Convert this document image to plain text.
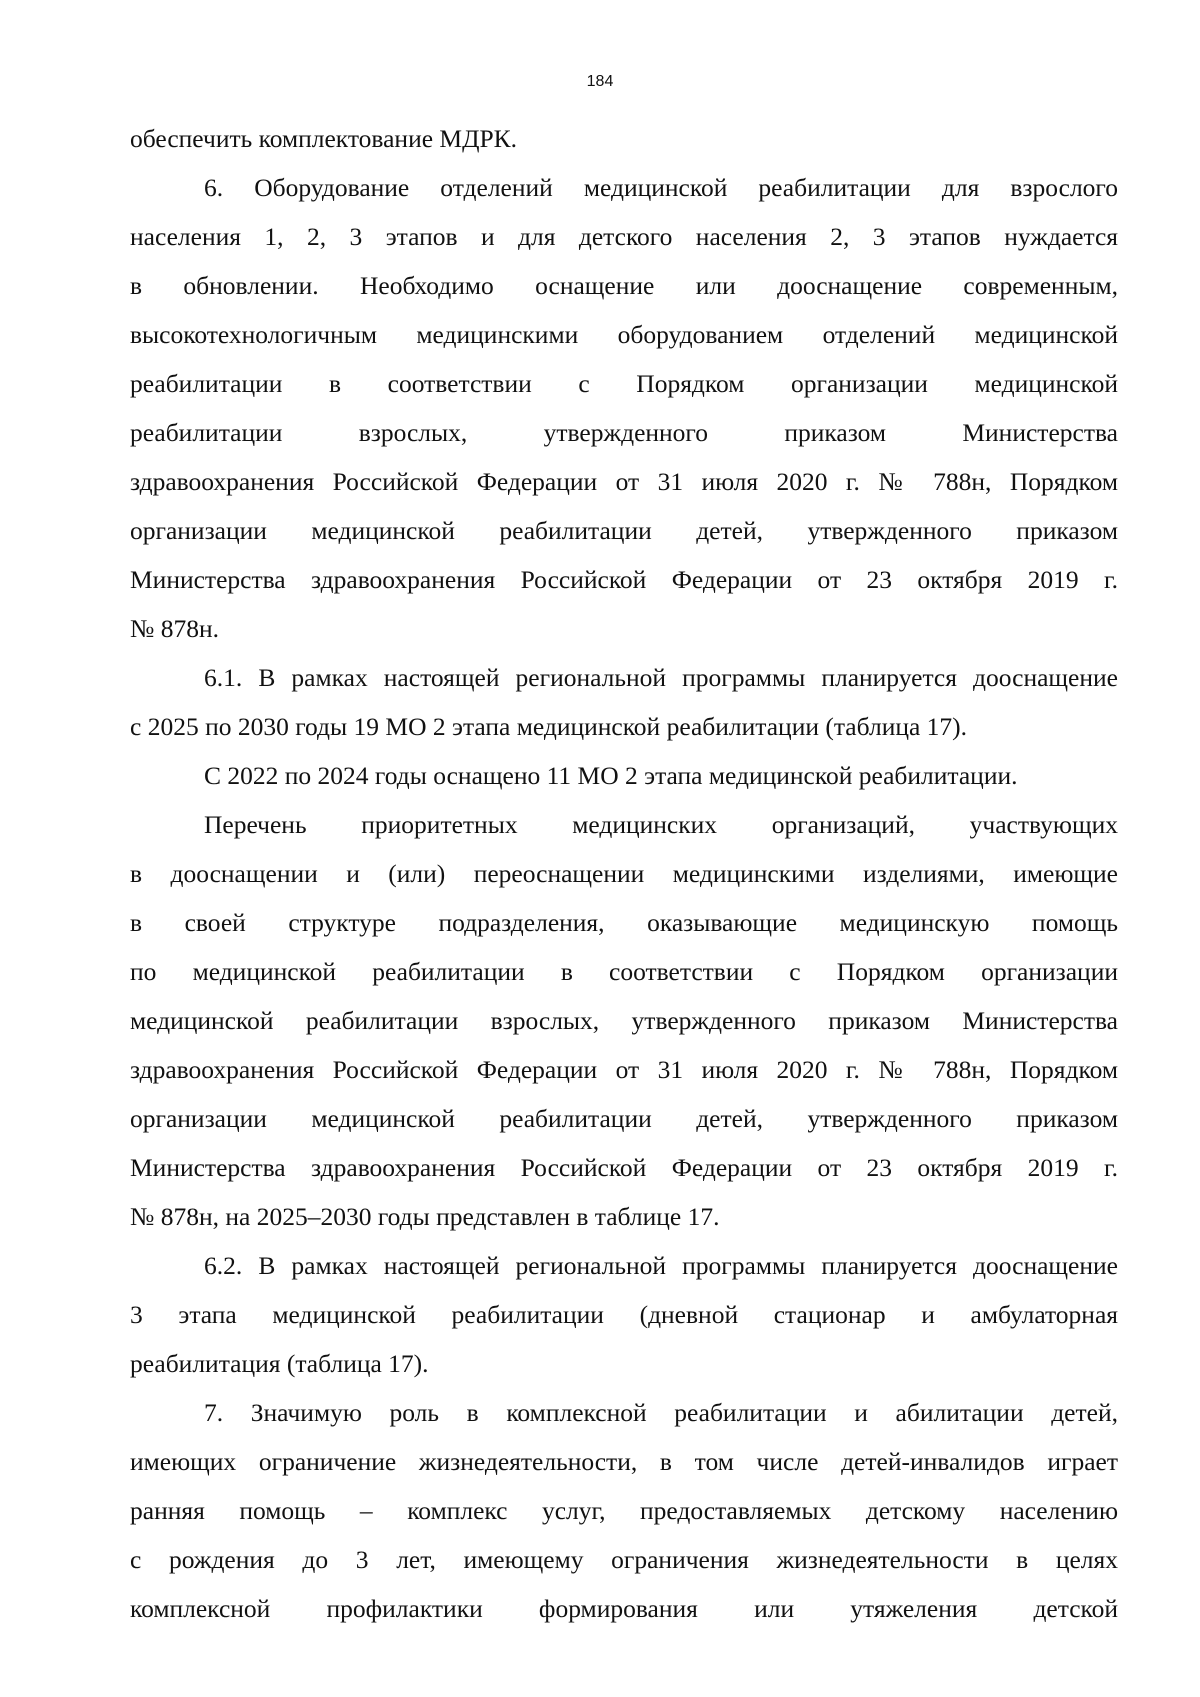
184
обеспечить комплектование МДРК.
6. Оборудование отделений медицинской реабилитации для взрослого
населения 1, 2, 3 этапов и для детского населения 2, 3 этапов нуждается
в обновлении. Необходимо оснащение или дооснащение современным,
высокотехнологичным медицинскими оборудованием отделений медицинской
реабилитации в соответствии с Порядком организации медицинской
реабилитации взрослых, утвержденного приказом Министерства
здравоохранения Российской Федерации от 31 июля 2020 г. № 788н, Порядком
организации медицинской реабилитации детей, утвержденного приказом
Министерства здравоохранения Российской Федерации от 23 октября 2019 г.
№ 878н.
6.1. В рамках настоящей региональной программы планируется дооснащение
с 2025 по 2030 годы 19 МО 2 этапа медицинской реабилитации (таблица 17).
С 2022 по 2024 годы оснащено 11 МО 2 этапа медицинской реабилитации.
Перечень приоритетных медицинских организаций, участвующих
в дооснащении и (или) переоснащении медицинскими изделиями, имеющие
в своей структуре подразделения, оказывающие медицинскую помощь
по медицинской реабилитации в соответствии с Порядком организации
медицинской реабилитации взрослых, утвержденного приказом Министерства
здравоохранения Российской Федерации от 31 июля 2020 г. № 788н, Порядком
организации медицинской реабилитации детей, утвержденного приказом
Министерства здравоохранения Российской Федерации от 23 октября 2019 г.
№ 878н, на 2025–2030 годы представлен в таблице 17.
6.2. В рамках настоящей региональной программы планируется дооснащение
3 этапа медицинской реабилитации (дневной стационар и амбулаторная
реабилитация (таблица 17).
7. Значимую роль в комплексной реабилитации и абилитации детей,
имеющих ограничение жизнедеятельности, в том числе детей-инвалидов играет
ранняя помощь – комплекс услуг, предоставляемых детскому населению
с рождения до 3 лет, имеющему ограничения жизнедеятельности в целях
комплексной профилактики формирования или утяжеления детской
